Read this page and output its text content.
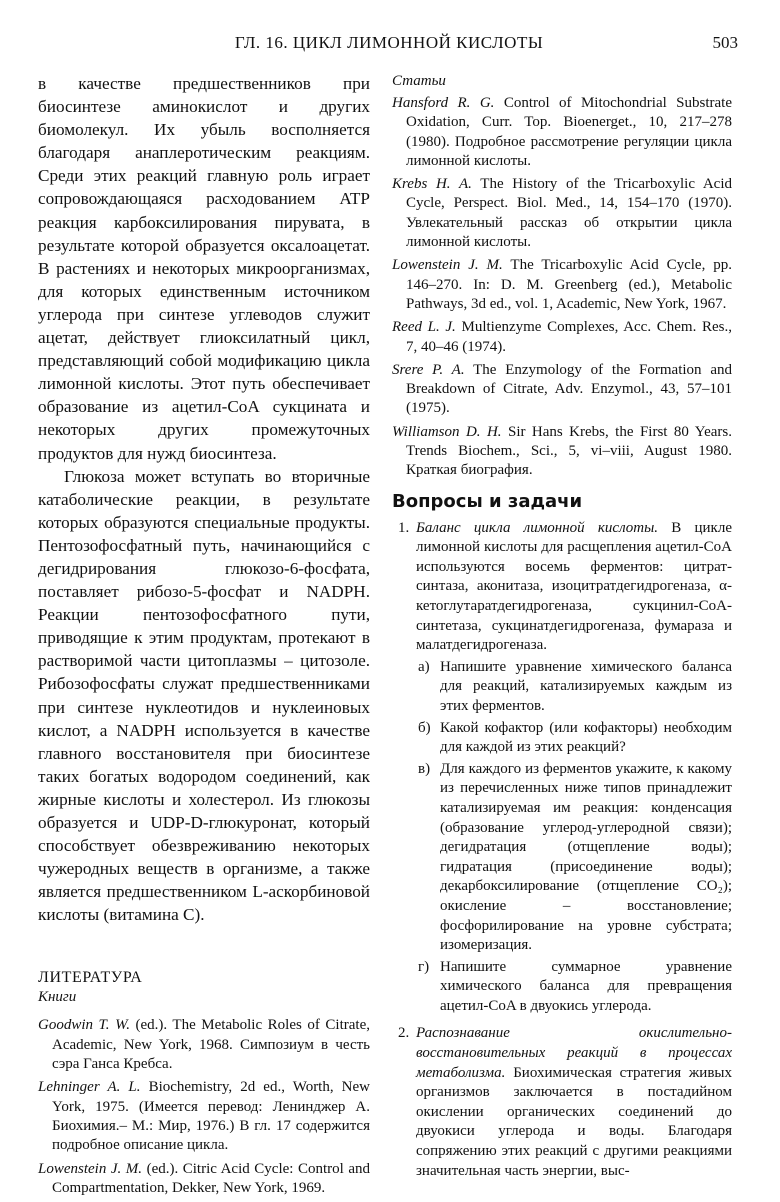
ГЛ. 16. ЦИКЛ ЛИМОННОЙ КИСЛОТЫ	503

в качестве предшественников при биосинтезе аминокислот и других биомолекул. Их убыль восполняется благодаря анаплеротическим реакциям. Среди этих реакций главную роль играет сопровождающаяся расходованием ATP реакция карбоксилирования пирувата, в результате которой образуется оксалоацетат. В растениях и некоторых микроорганизмах, для которых единственным источником углерода при синтезе углеводов служит ацетат, действует глиоксилатный цикл, представляющий собой модификацию цикла лимонной кислоты. Этот путь обеспечивает образование из ацетил-CoA сукцината и некоторых других промежуточных продуктов для нужд биосинтеза.

Глюкоза может вступать во вторичные катаболические реакции, в результате которых образуются специальные продукты. Пентозофосфатный путь, начинающийся с дегидрирования глюкозо-6-фосфата, поставляет рибозо-5-фосфат и NADPH. Реакции пентозофосфатного пути, приводящие к этим продуктам, протекают в растворимой части цитоплазмы – цитозоле. Рибозофосфаты служат предшественниками при синтезе нуклеотидов и нуклеиновых кислот, а NADPH используется в качестве главного восстановителя при биосинтезе таких богатых водородом соединений, как жирные кислоты и холестерол. Из глюкозы образуется и UDP-D-глюкуронат, который способствует обезвреживанию некоторых чужеродных веществ в организме, а также является предшественником L-аскорбиновой кислоты (витамина C).

ЛИТЕРАТУРА

Книги

Goodwin T. W. (ed.). The Metabolic Roles of Citrate, Academic, New York, 1968. Симпозиум в честь сэра Ганса Кребса.

Lehninger A. L. Biochemistry, 2d ed., Worth, New York, 1975. (Имеется перевод: Ленинджер А. Биохимия.– М.: Мир, 1976.) В гл. 17 содержится подробное описание цикла.

Lowenstein J. M. (ed.). Citric Acid Cycle: Control and Compartmentation, Dekker, New York, 1969.

Статьи

Hansford R. G. Control of Mitochondrial Substrate Oxidation, Curr. Top. Bioenerget., 10, 217–278 (1980). Подробное рассмотрение регуляции цикла лимонной кислоты.

Krebs H. A. The History of the Tricarboxylic Acid Cycle, Perspect. Biol. Med., 14, 154–170 (1970). Увлекательный рассказ об открытии цикла лимонной кислоты.

Lowenstein J. M. The Tricarboxylic Acid Cycle, pp. 146–270. In: D. M. Greenberg (ed.), Metabolic Pathways, 3d ed., vol. 1, Academic, New York, 1967.

Reed L. J. Multienzyme Complexes, Acc. Chem. Res., 7, 40–46 (1974).

Srere P. A. The Enzymology of the Formation and Breakdown of Citrate, Adv. Enzymol., 43, 57–101 (1975).

Williamson D. H. Sir Hans Krebs, the First 80 Years. Trends Biochem., Sci., 5, vi–viii, August 1980. Краткая биография.

Вопросы и задачи

1. Баланс цикла лимонной кислоты. В цикле лимонной кислоты для расщепления ацетил-CoA используются восемь ферментов: цитрат-синтаза, аконитаза, изоцитратдегидрогеназа, α-кетоглутаратдегидрогеназа, сукцинил-CoA-синтетаза, сукцинатдегидрогеназа, фумараза и малатдегидрогеназа.
а) Напишите уравнение химического баланса для реакций, катализируемых каждым из этих ферментов.
б) Какой кофактор (или кофакторы) необходим для каждой из этих реакций?
в) Для каждого из ферментов укажите, к какому из перечисленных ниже типов принадлежит катализируемая им реакция: конденсация (образование углерод-углеродной связи); дегидратация (отщепление воды); гидратация (присоединение воды); декарбоксилирование (отщепление CO₂); окисление – восстановление; фосфорилирование на уровне субстрата; изомеризация.
г) Напишите суммарное уравнение химического баланса для превращения ацетил-CoA в двуокись углерода.
2. Распознавание окислительно-восстановительных реакций в процессах метаболизма. Биохимическая стратегия живых организмов заключается в постадийном окислении органических соединений до двуокиси углерода и воды. Благодаря сопряжению этих реакций с другими реакциями значительная часть энергии, выс-
